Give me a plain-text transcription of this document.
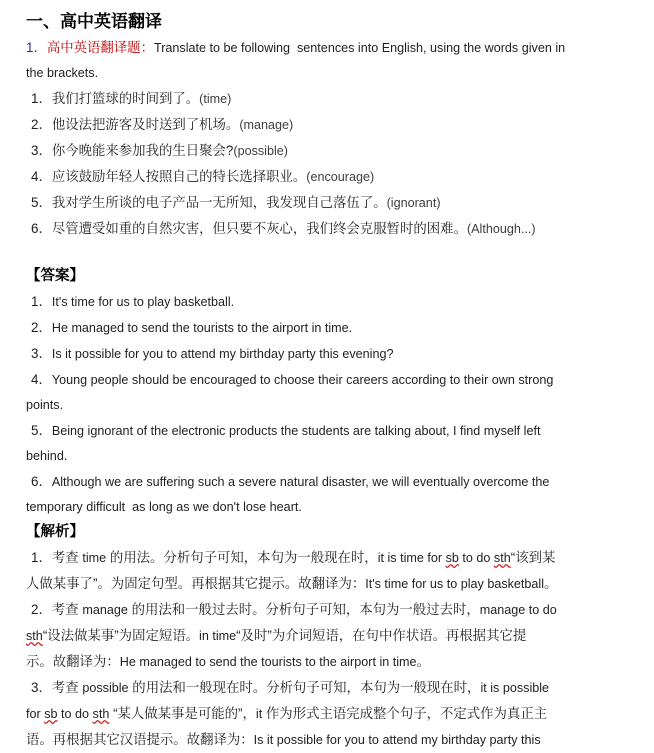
一、高中英语翻译
1．高中英语翻译题：Translate to be following  sentences into English, using the words given in
the brackets.
1．我们打篮球的时间到了。(time)
2．他设法把游客及时送到了机场。(manage)
3．你今晚能来参加我的生日聚会?(possible)
4．应该鼓励年轻人按照自己的特长选择职业。(encourage)
5．我对学生所谈的电子产品一无所知，我发现自己落伍了。(ignorant)
6．尽管遭受如重的自然灾害，但只要不灰心，我们终会克服暂时的困难。(Although...)
【答案】
1．It's time for us to play basketball.
2．He managed to send the tourists to the airport in time.
3．Is it possible for you to attend my birthday party this evening?
4．Young people should be encouraged to choose their careers according to their own strong
points.
5．Being ignorant of the electronic products the students are talking about, I find myself left
behind.
6．Although we are suffering such a severe natural disaster, we will eventually overcome the
temporary difficult  as long as we don't lose heart.
【解析】
1．考查 time 的用法。分析句子可知，本句为一般现在时，it is time for sb to do sth“该到某
人做某事了”。为固定句型。再根据其它提示。故翻译为：It's time for us to play basketball。
2．考查 manage 的用法和一般过去时。分析句子可知，本句为一般过去时，manage to do
sth“设法做某事”为固定短语。in time“及时”为介词短语，在句中作状语。再根据其它提
示。故翻译为：He managed to send the tourists to the airport in time。
3．考查 possible 的用法和一般现在时。分析句子可知，本句为一般现在时，it is possible
for sb to do sth “某人做某事是可能的”，it 作为形式主语完成整个句子，不定式作为真正主
语。再根据其它汉语提示。故翻译为：Is it possible for you to attend my birthday party this
